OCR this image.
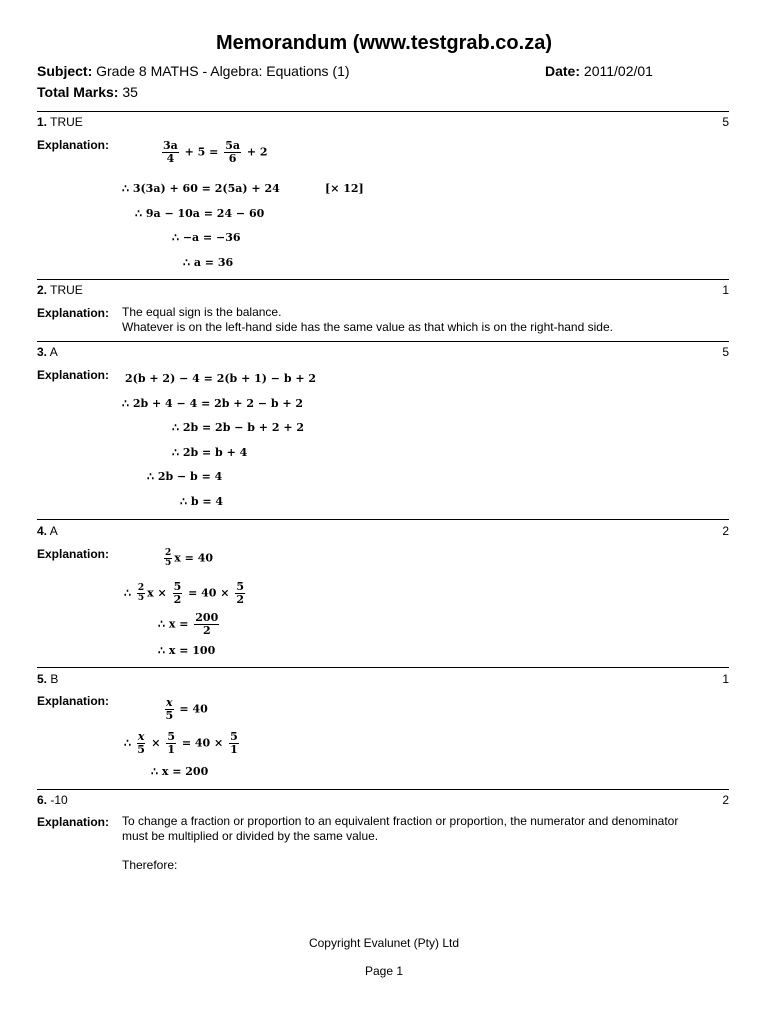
Memorandum (www.testgrab.co.za)
Subject: Grade 8 MATHS - Algebra: Equations (1)	Date: 2011/02/01
Total Marks: 35
1. TRUE	5
Explanation:	$\frac{3a}{4} + 5 = \frac{5a}{6} + 2$
∴ 3(3a) + 60 = 2(5a) + 24	[× 12]
∴ 9a − 10a = 24 − 60
∴ −a = −36
∴ a = 36
2. TRUE	1
Explanation: The equal sign is the balance.
Whatever is on the left-hand side has the same value as that which is on the right-hand side.
3. A	5
Explanation: 2(b + 2) − 4 = 2(b + 1) − b + 2
∴ 2b + 4 − 4 = 2b + 2 − b + 2
∴ 2b = 2b − b + 2 + 2
∴ 2b = b + 4
∴ 2b − b = 4
∴ b = 4
4. A	2
Explanation:	$\frac{2}{5}$ x = 40
∴ $\frac{2}{5}$ $x \times \frac{5}{2} = 40 \times \frac{5}{2}$
∴ $x = \frac{200}{2}$
∴ x = 100
5. B	1
Explanation:	$\frac{x}{5} = 40$
∴ $\frac{x}{5} \times \frac{5}{1} = 40 \times \frac{5}{1}$
∴ x = 200
6. -10	2
Explanation: To change a fraction or proportion to an equivalent fraction or proportion, the numerator and denominator
must be multiplied or divided by the same value.
Therefore:
Copyright Evalunet (Pty) Ltd
Page 1
